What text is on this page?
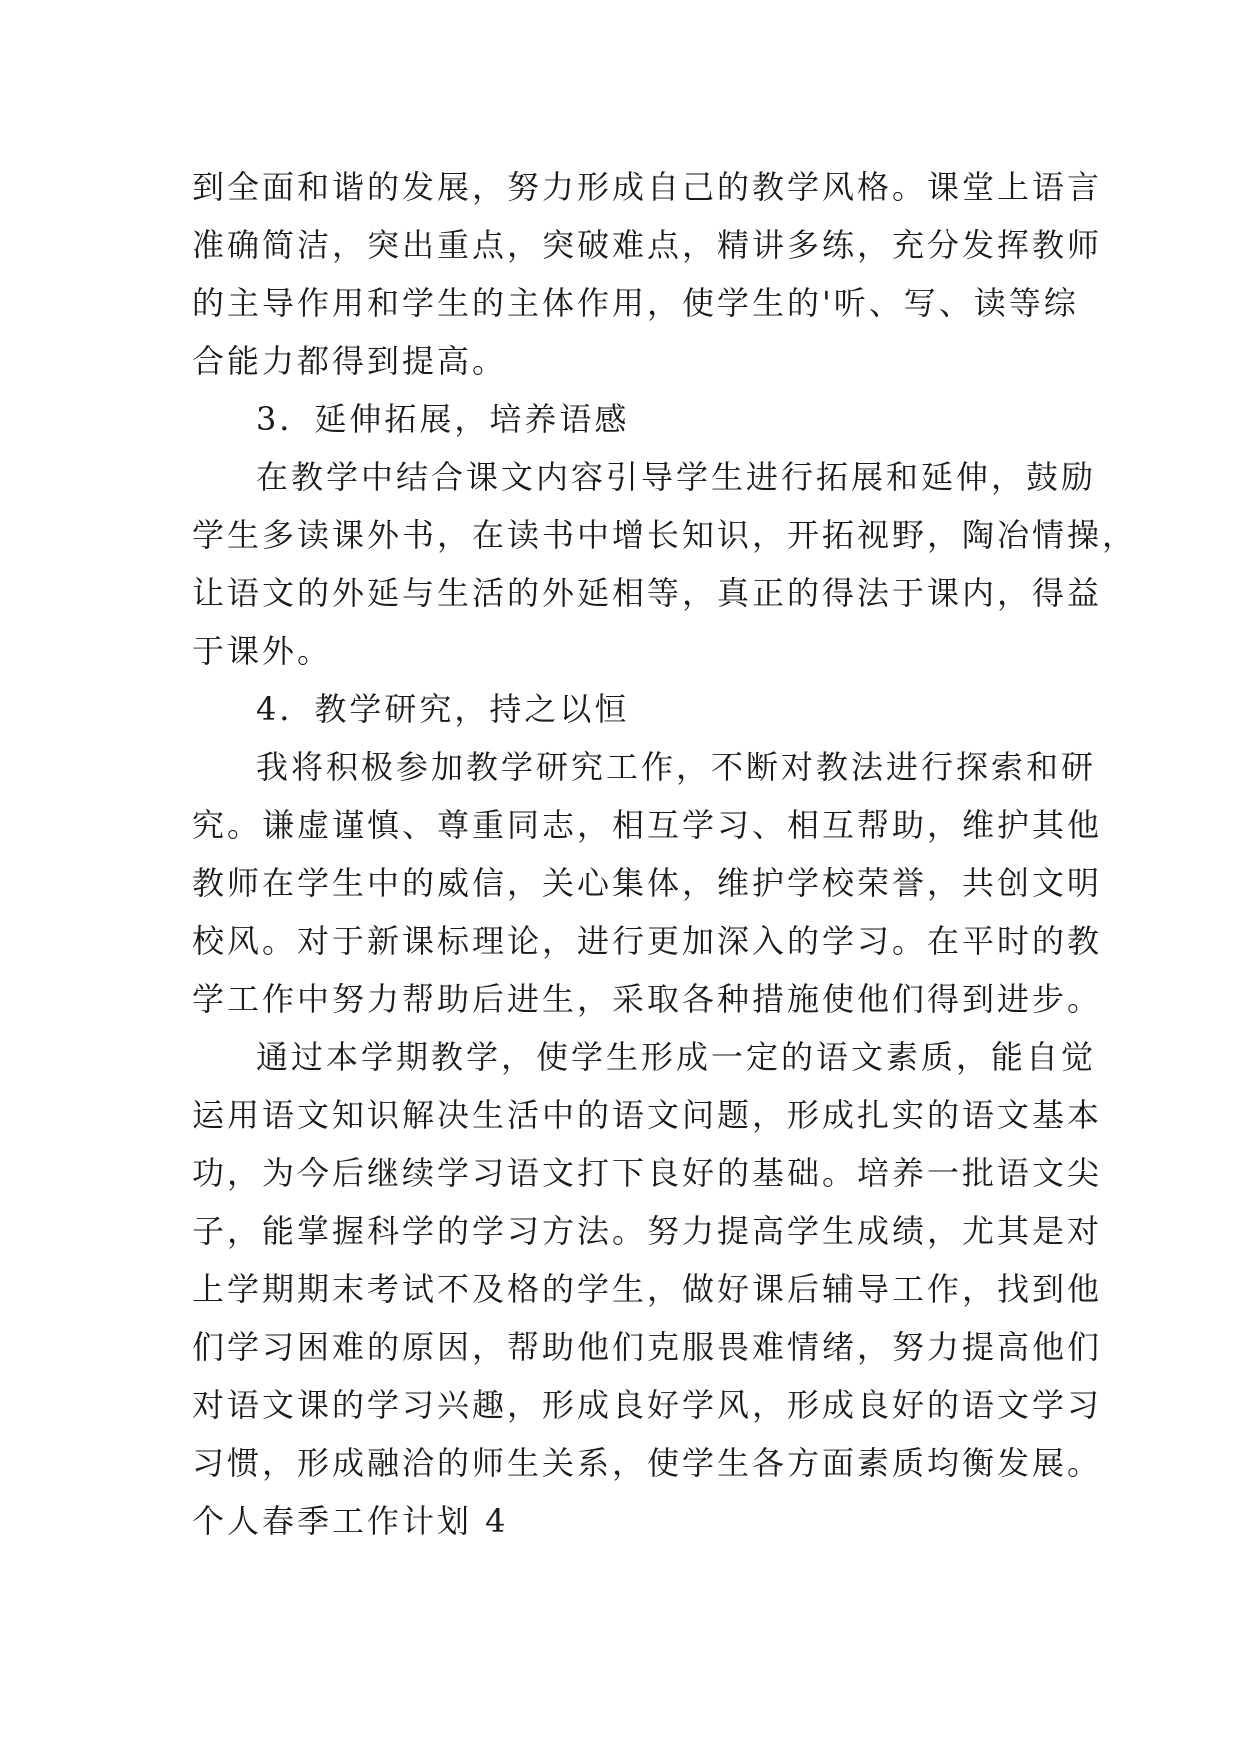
到全面和谐的发展，努力形成自己的教学风格。课堂上语言
准确简洁，突出重点，突破难点，精讲多练，充分发挥教师
的主导作用和学生的主体作用，使学生的'听、写、读等综
合能力都得到提高。
3．延伸拓展，培养语感
在教学中结合课文内容引导学生进行拓展和延伸，鼓励
学生多读课外书，在读书中增长知识，开拓视野，陶冶情操，
让语文的外延与生活的外延相等，真正的得法于课内，得益
于课外。
4．教学研究，持之以恒
我将积极参加教学研究工作，不断对教法进行探索和研
究。谦虚谨慎、尊重同志，相互学习、相互帮助，维护其他
教师在学生中的威信，关心集体，维护学校荣誉，共创文明
校风。对于新课标理论，进行更加深入的学习。在平时的教
学工作中努力帮助后进生，采取各种措施使他们得到进步。
通过本学期教学，使学生形成一定的语文素质，能自觉
运用语文知识解决生活中的语文问题，形成扎实的语文基本
功，为今后继续学习语文打下良好的基础。培养一批语文尖
子，能掌握科学的学习方法。努力提高学生成绩，尤其是对
上学期期末考试不及格的学生，做好课后辅导工作，找到他
们学习困难的原因，帮助他们克服畏难情绪，努力提高他们
对语文课的学习兴趣，形成良好学风，形成良好的语文学习
习惯，形成融洽的师生关系，使学生各方面素质均衡发展。
个人春季工作计划 4
